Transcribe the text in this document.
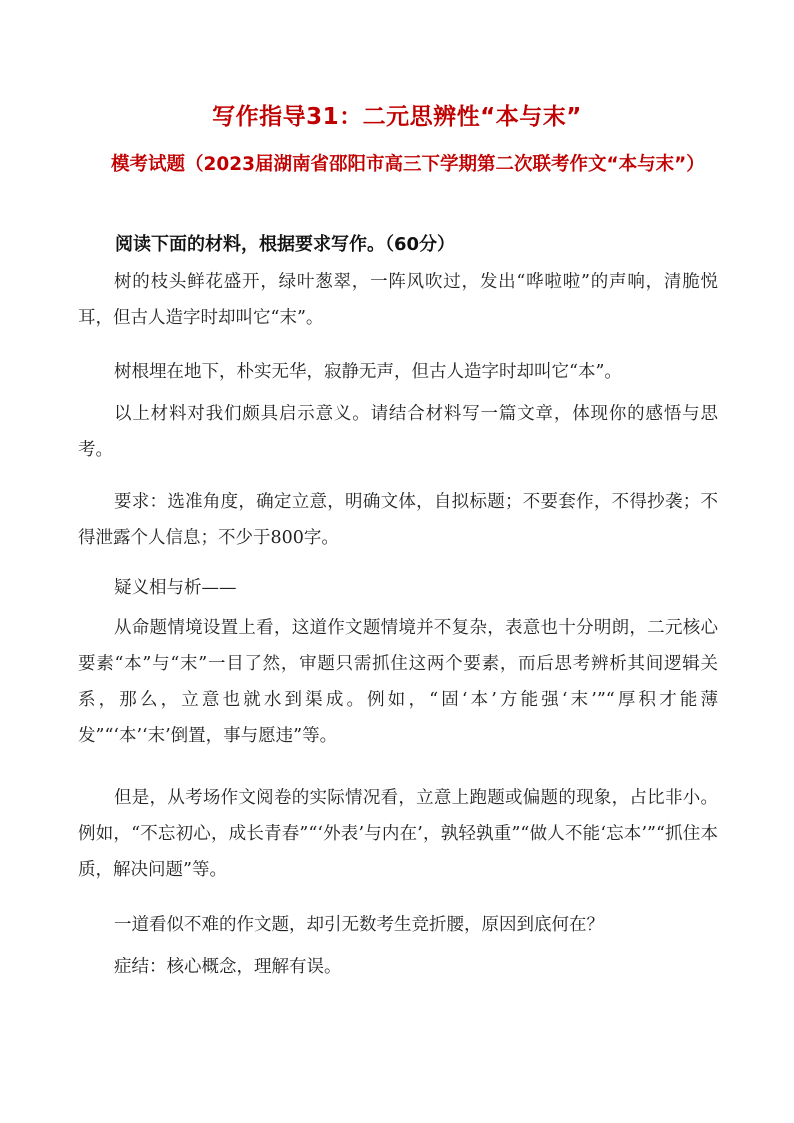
写作指导31：二元思辨性“本与末”
模考试题（2023届湖南省邵阳市高三下学期第二次联考作文“本与末”）
阅读下面的材料，根据要求写作。（60分）
树的枝头鲜花盛开，绿叶葱翠，一阵风吹过，发出“哗啦啦”的声响，清脆悦耳，但古人造字时却叫它“末”。
树根埋在地下，朴实无华，寂静无声，但古人造字时却叫它“本”。
以上材料对我们颇具启示意义。请结合材料写一篇文章，体现你的感悟与思考。
要求：选准角度，确定立意，明确文体，自拟标题；不要套作，不得抄袭；不得泄露个人信息；不少于800字。
疑义相与析——
从命题情境设置上看，这道作文题情境并不复杂，表意也十分明朗，二元核心要素“本”与“末”一目了然，审题只需抓住这两个要素，而后思考辨析其间逻辑关系，那么，立意也就水到渠成。例如，“固‘本’方能强‘末’”“厚积才能薄发”“‘本’‘末’倒置，事与愿违”等。
但是，从考场作文阅卷的实际情况看，立意上跑题或偏题的现象，占比非小。例如，“不忘初心，成长青春”“‘外表’与内在’，孰轻孰重”“做人不能‘忘本’”“抓住本质，解决问题”等。
一道看似不难的作文题，却引无数考生竞折腰，原因到底何在？
症结：核心概念，理解有误。
